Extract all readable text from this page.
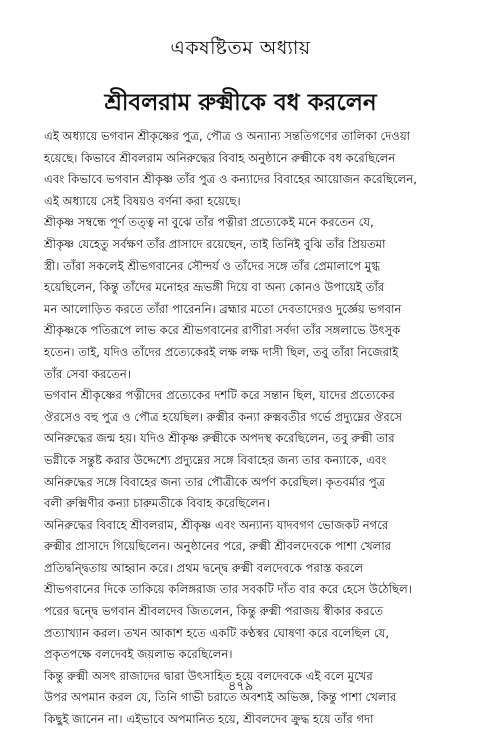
একষষ্টিতম অধ্যায়
শ্রীবলরাম রুক্মীকে বধ করলেন
এই অধ্যায়ে ভগবান শ্রীকৃষ্ণের পুত্র, পৌত্র ও অন্যান্য সন্ততিগণের তালিকা দেওয়া
হয়েছে। কিভাবে শ্রীবলরাম অনিরুদ্ধের বিবাহ অনুষ্ঠানে রুক্মীকে বধ করেছিলেন
এবং কিভাবে ভগবান শ্রীকৃষ্ণ তাঁর পুত্র ও কন্যাদের বিবাহের আয়োজন করেছিলেন,
এই অধ্যায়ে সেই বিষয়ও বর্ণনা করা হয়েছে।
শ্রীকৃষ্ণ সম্বন্ধে পূর্ণ তত্ত্ব না বুঝে তাঁর পত্নীরা প্রত্যেকেই মনে করতেন যে,
শ্রীকৃষ্ণ যেহেতু সর্বক্ষণ তাঁর প্রাসাদে রয়েছেন, তাই তিনিই বুঝি তাঁর প্রিয়তমা
স্ত্রী। তাঁরা সকলেই শ্রীভগবানের সৌন্দর্য ও তাঁদের সঙ্গে তাঁর প্রেমালাপে মুগ্ধ
হয়েছিলেন, কিন্তু তাঁদের মনোহর ভ্রূভঙ্গী দিয়ে বা অন্য কোনও উপায়েই তাঁর
মন আলোড়িত করতে তাঁরা পারেননি। ব্রহ্মার মতো দেবতাদেরও দুর্জ্ঞেয় ভগবান
শ্রীকৃষ্ণকে পতিরূপে লাভ করে শ্রীভগবানের রাণীরা সর্বদা তাঁর সঙ্গলাভে উৎসুক
হতেন। তাই, যদিও তাঁদের প্রত্যেকেরই লক্ষ লক্ষ দাসী ছিল, তবু তাঁরা নিজেরাই
তাঁর সেবা করতেন।
ভগবান শ্রীকৃষ্ণের পত্নীদের প্রত্যেকের দশটি করে সন্তান ছিল, যাদের প্রত্যেকের
ঔরসেও বহু পুত্র ও পৌত্র হয়েছিল। রুক্মীর কন্যা রুক্মবতীর গর্ভে প্রদ্যুম্নের ঔরসে
অনিরুদ্ধের জন্ম হয়। যদিও শ্রীকৃষ্ণ রুক্মীকে অপদস্থ করেছিলেন, তবু রুক্মী তার
ভগ্নীকে সন্তুষ্ট করার উদ্দেশ্যে প্রদ্যুম্নের সঙ্গে বিবাহের জন্য তার কন্যাকে, এবং
অনিরুদ্ধের সঙ্গে বিবাহের জন্য তার পৌত্রীকে অর্পণ করেছিল। কৃতবর্মার পুত্র
বলী রুক্মিণীর কন্যা চারুমতীকে বিবাহ করেছিলেন।
অনিরুদ্ধের বিবাহে শ্রীবলরাম, শ্রীকৃষ্ণ এবং অন্যান্য যাদবগণ ভোজকট নগরে
রুক্মীর প্রাসাদে গিয়েছিলেন। অনুষ্ঠানের পরে, রুক্মী শ্রীবলদেবকে পাশা খেলার
প্রতিদ্বন্দ্বিতায় আহ্বান করে। প্রথম দ্বন্দ্বে রুক্মী বলদেবকে পরাস্ত করলে
শ্রীভগবানের দিকে তাকিয়ে কলিঙ্গরাজ তার সবকটি দাঁত বার করে হেসে উঠেছিল।
পরের দ্বন্দ্বে ভগবান শ্রীবলদেব জিতলেন, কিন্তু রুক্মী পরাজয় স্বীকার করতে
প্রত্যাখ্যান করল। তখন আকাশ হতে একটি কণ্ঠস্বর ঘোষণা করে বলেছিল যে,
প্রকৃতপক্ষে বলদেবই জয়লাভ করেছিলেন।
কিন্তু রুক্মী অসৎ রাজাদের দ্বারা উৎসাহিত হয়ে বলদেবকে এই বলে মুখের
উপর অপমান করল যে, তিনি গাভী চরাতে অবশ্যই অভিজ্ঞ, কিন্তু পাশা খেলার
কিছুই জানেন না। এইভাবে অপমানিত হয়ে, শ্রীবলদেব ক্রুদ্ধ হয়ে তাঁর গদা
৪৭৯
